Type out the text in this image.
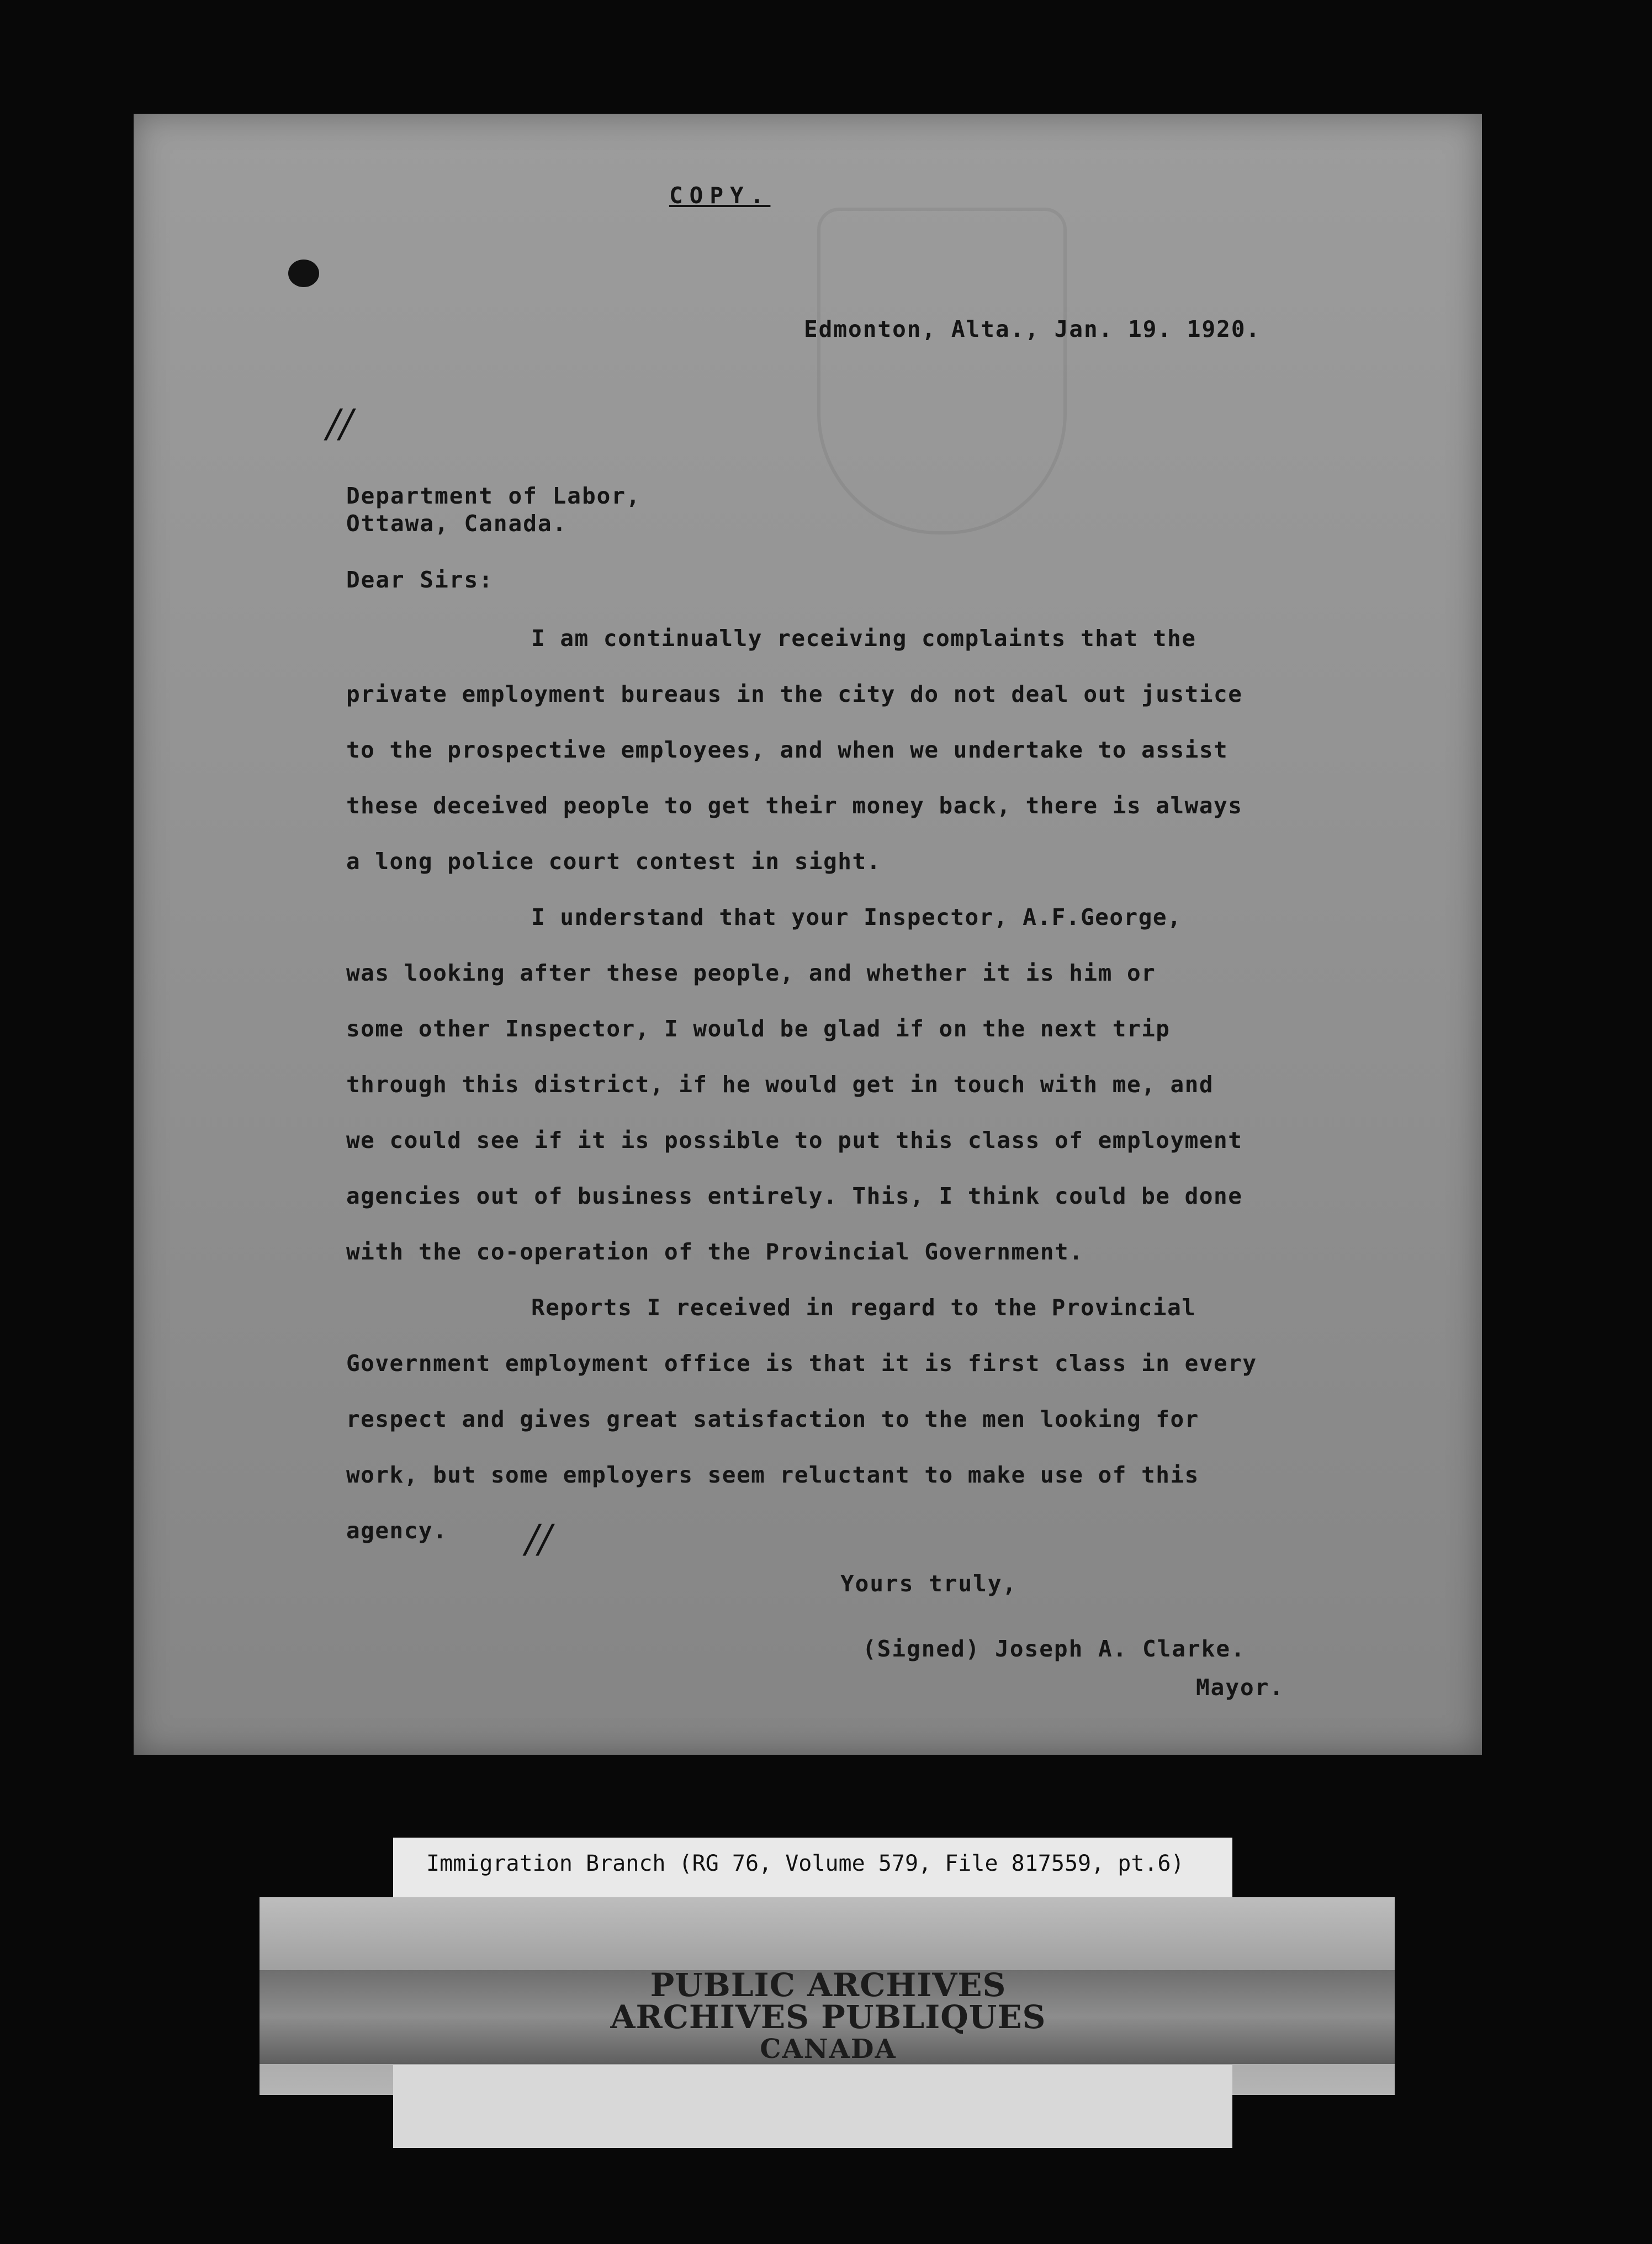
COPY.

Edmonton, Alta., Jan. 19. 1920.

//

Department of Labor,

Ottawa, Canada.

Dear Sirs:

I am continually receiving complaints that the
private employment bureaus in the city do not deal out justice
to the prospective employees, and when we undertake to assist
these deceived people to get their money back, there is always
a long police court contest in sight.
I understand that your Inspector, A.F.George,
was looking after these people, and whether it is him or
some other Inspector, I would be glad if on the next trip
through this district, if he would get in touch with me, and
we could see if it is possible to put this class of employment
agencies out of business entirely. This, I think could be done
with the co-operation of the Provincial Government.
Reports I received in regard to the Provincial
Government employment office is that it is first class in every
respect and gives great satisfaction to the men looking for
work, but some employers seem reluctant to make use of this
agency.	//

Yours truly,

(Signed) Joseph A. Clarke.

Mayor.

Immigration Branch (RG 76, Volume 579, File 817559, pt.6)
PUBLIC ARCHIVES
ARCHIVES PUBLIQUES
CANADA
